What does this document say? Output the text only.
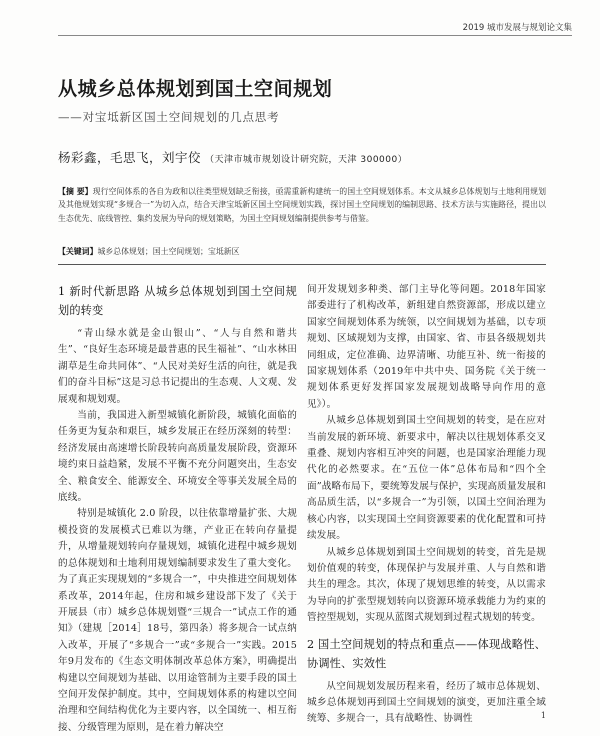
2019 城市发展与规划论文集
从城乡总体规划到国土空间规划
——对宝坻新区国土空间规划的几点思考
杨彩鑫，毛思飞，刘宇佼 （天津市城市规划设计研究院，天津 300000）
【摘 要】现行空间体系的各自为政和以往类型规划缺乏衔接，亟需重新构建统一的国土空间规划体系。本文从城乡总体规划与土地利用规划及其他规划实现“多规合一”为切入点，结合天津宝坻新区国土空间规划实践，探讨国土空间规划的编制思路、技术方法与实施路径，提出以生态优先、底线管控、集约发展为导向的规划策略，为国土空间规划编制提供参考与借鉴。
【关键词】城乡总体规划；国土空间规划；宝坻新区
1 新时代新思路 从城乡总体规划到国土空间规划的转变

“青山绿水就是金山银山”、“人与自然和谐共生”、“良好生态环境是最普惠的民生福祉”、“山水林田湖草是生命共同体”、“人民对美好生活的向往，就是我们的奋斗目标”这是习总书记提出的生态观、人文观、发展观和规划观。

当前，我国进入新型城镇化新阶段，城镇化面临的任务更为复杂和艰巨，城乡发展正在经历深刻的转型：经济发展由高速增长阶段转向高质量发展阶段，资源环境约束日益趋紧，发展不平衡不充分问题突出，生态安全、粮食安全、能源安全、环境安全等事关发展全局的底线。

特别是城镇化 2.0 阶段，以往依靠增量扩张、大规模投资的发展模式已难以为继，产业正在转向存量提升，从增量规划转向存量规划，城镇化进程中城乡规划的总体规划和土地利用规划编制要求发生了重大变化。为了真正实现规划的“多规合一”，中央推进空间规划体系改革，2014年起，住房和城乡建设部下发了《关于开展县（市）城乡总体规划暨“三规合一”试点工作的通知》（建规［2014］18号，第四条）将多规合一试点纳入改革，开展了“多规合一”或“多规合一”实践。2015年9月发布的《生态文明体制改革总体方案》，明确提出构建以空间规划为基础、以用途管制为主要手段的国土空间开发保护制度。其中，空间规划体系的构建以空间治理和空间结构优化为主要内容，以全国统一、相互衔接、分级管理为原则，是在着力解决空

间开发规划多种类、部门主导化等问题。2018年国家部委进行了机构改革，新组建自然资源部，形成以建立国家空间规划体系为统领，以空间规划为基础，以专项规划、区域规划为支撑，由国家、省、市县各级规划共同组成，定位准确、边界清晰、功能互补、统一衔接的国家规划体系（2019年中共中央、国务院《关于统一规划体系更好发挥国家发展规划战略导向作用的意见》）。

从城乡总体规划到国土空间规划的转变，是在应对当前发展的新环境、新要求中，解决以往规划体系交叉重叠、规划内容相互冲突的问题，也是国家治理能力现代化的必然要求。在“五位一体”总体布局和“四个全面”战略布局下，要统筹发展与保护，实现高质量发展和高品质生活，以“多规合一”为引领，以国土空间治理为核心内容，以实现国土空间资源要素的优化配置和可持续发展。

从城乡总体规划到国土空间规划的转变，首先是规划价值观的转变，体现保护与发展并重、人与自然和谐共生的理念。其次，体现了规划思维的转变，从以需求为导向的扩张型规划转向以资源环境承载能力为约束的管控型规划，实现从蓝图式规划到过程式规划的转变。

2 国土空间规划的特点和重点——体现战略性、协调性、实效性

从空间规划发展历程来看，经历了城市总体规划、城乡总体规划再到国土空间规划的演变，更加注重全域统筹、多规合一，具有战略性、协调性	1
